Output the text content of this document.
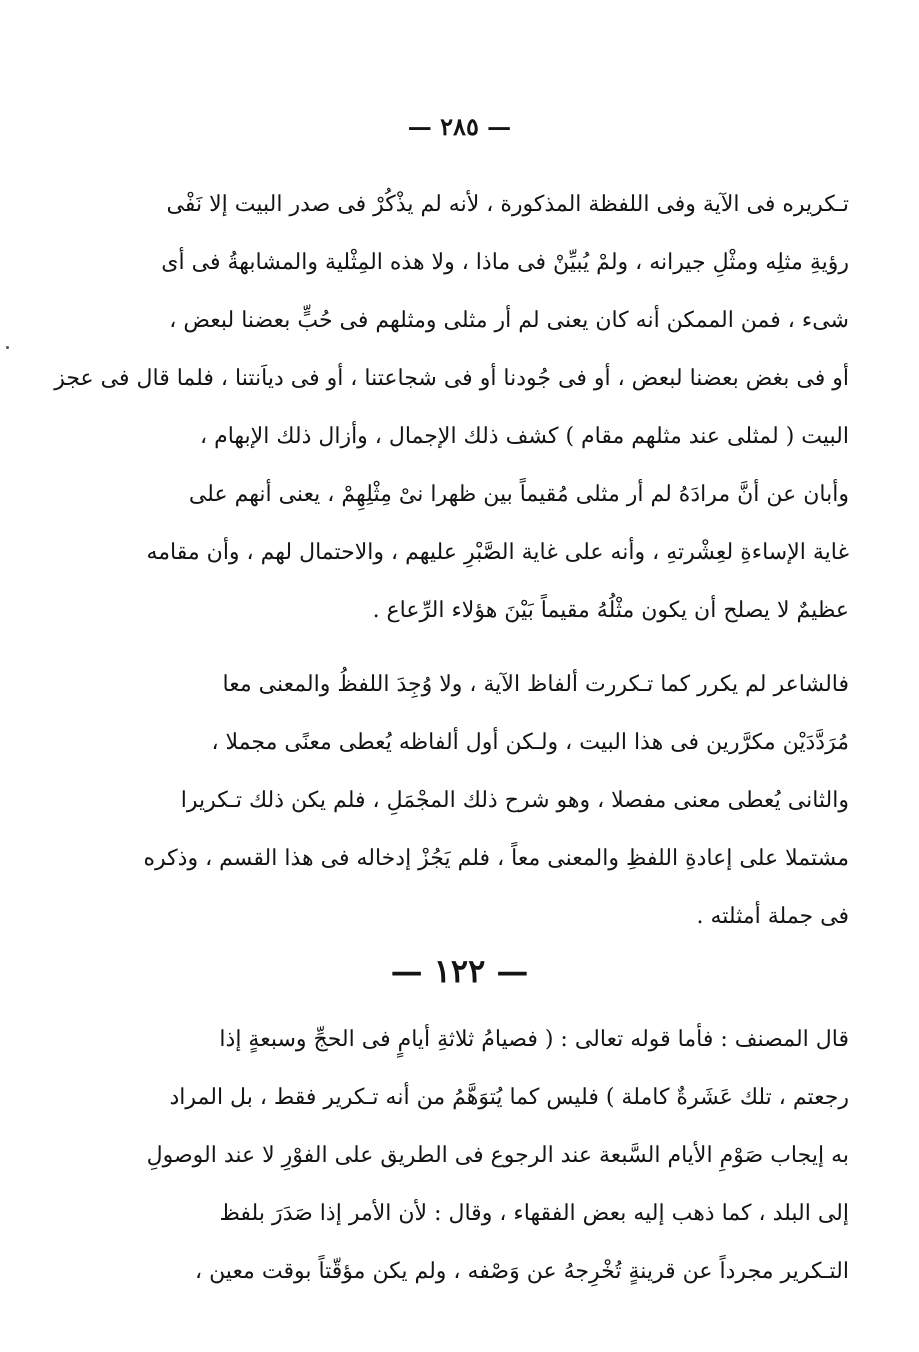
— ٢٨٥ —
تـكريره فى الآية وفى اللفظة المذكورة ، لأنه لم يذْكُرْ فى صدر البيت إلا نَفْى
رؤيةِ مثلِه ومثْلِ جيرانه ، ولمْ يُبيِّنْ فى ماذا ، ولا هذه المِثْلية والمشابهةُ فى أى
شىء ، فمن الممكن أنه كان يعنى لم أر مثلى ومثلهم فى حُبٍّ بعضنا لبعض ،
أو فى بغض بعضنا لبعض ، أو فى جُودنا أو فى شجاعتنا ، أو فى دياَنتنا ، فلما قال فى عجز
البيت ( لمثلى عند مثلهم مقام ) كشف ذلك الإجمال ، وأزال ذلك الإبهام ،
وأبان عن أنَّ مرادَهُ لم أر مثلى مُقيماً بين ظهرا نىْ مِثْلِهِمْ ، يعنى أنهم على
غاية الإساءةِ لعِشْرتهِ ، وأنه على غاية الصَّبْرِ عليهم ، والاحتمال لهم ، وأن مقامه
عظيمٌ لا يصلح أن يكون مثْلُهُ مقيماً بَيْنَ هؤلاء الرِّعاع .
فالشاعر لم يكرر كما تـكررت ألفاظ الآية ، ولا وُجِدَ اللفظُ والمعنى معا
مُرَدَّدَيْن مكرَّرين فى هذا البيت ، ولـكن أول ألفاظه يُعطى معنًى مجملا ،
والثانى يُعطى معنى مفصلا ، وهو شرح ذلك المجْمَلِ ، فلم يكن ذلك تـكريرا
مشتملا على إعادةِ اللفظِ والمعنى معاً ، فلم يَجُزْ إدخاله فى هذا القسم ، وذكره
فى جملة أمثلته .
— ١٢٢ —
قال المصنف : فأما قوله تعالى : ( فصيامُ ثلاثةِ أيامٍ فى الحجِّ وسبعةٍ إذا
رجعتم ، تلك عَشَرةٌ كاملة ) فليس كما يُتوَهَّمُ من أنه تـكرير فقط ، بل المراد
به إيجاب صَوْمِ الأيام السَّبعة عند الرجوع فى الطريق على الفوْرِ لا عند الوصولِ
إلى البلد ، كما ذهب إليه بعض الفقهاء ، وقال : لأن الأمر إذا صَدَرَ بلفظ
التـكرير مجرداً عن قرينةٍ تُخْرِجهُ عن وَصْفه ، ولم يكن مؤقّتاً بوقت معين ،
